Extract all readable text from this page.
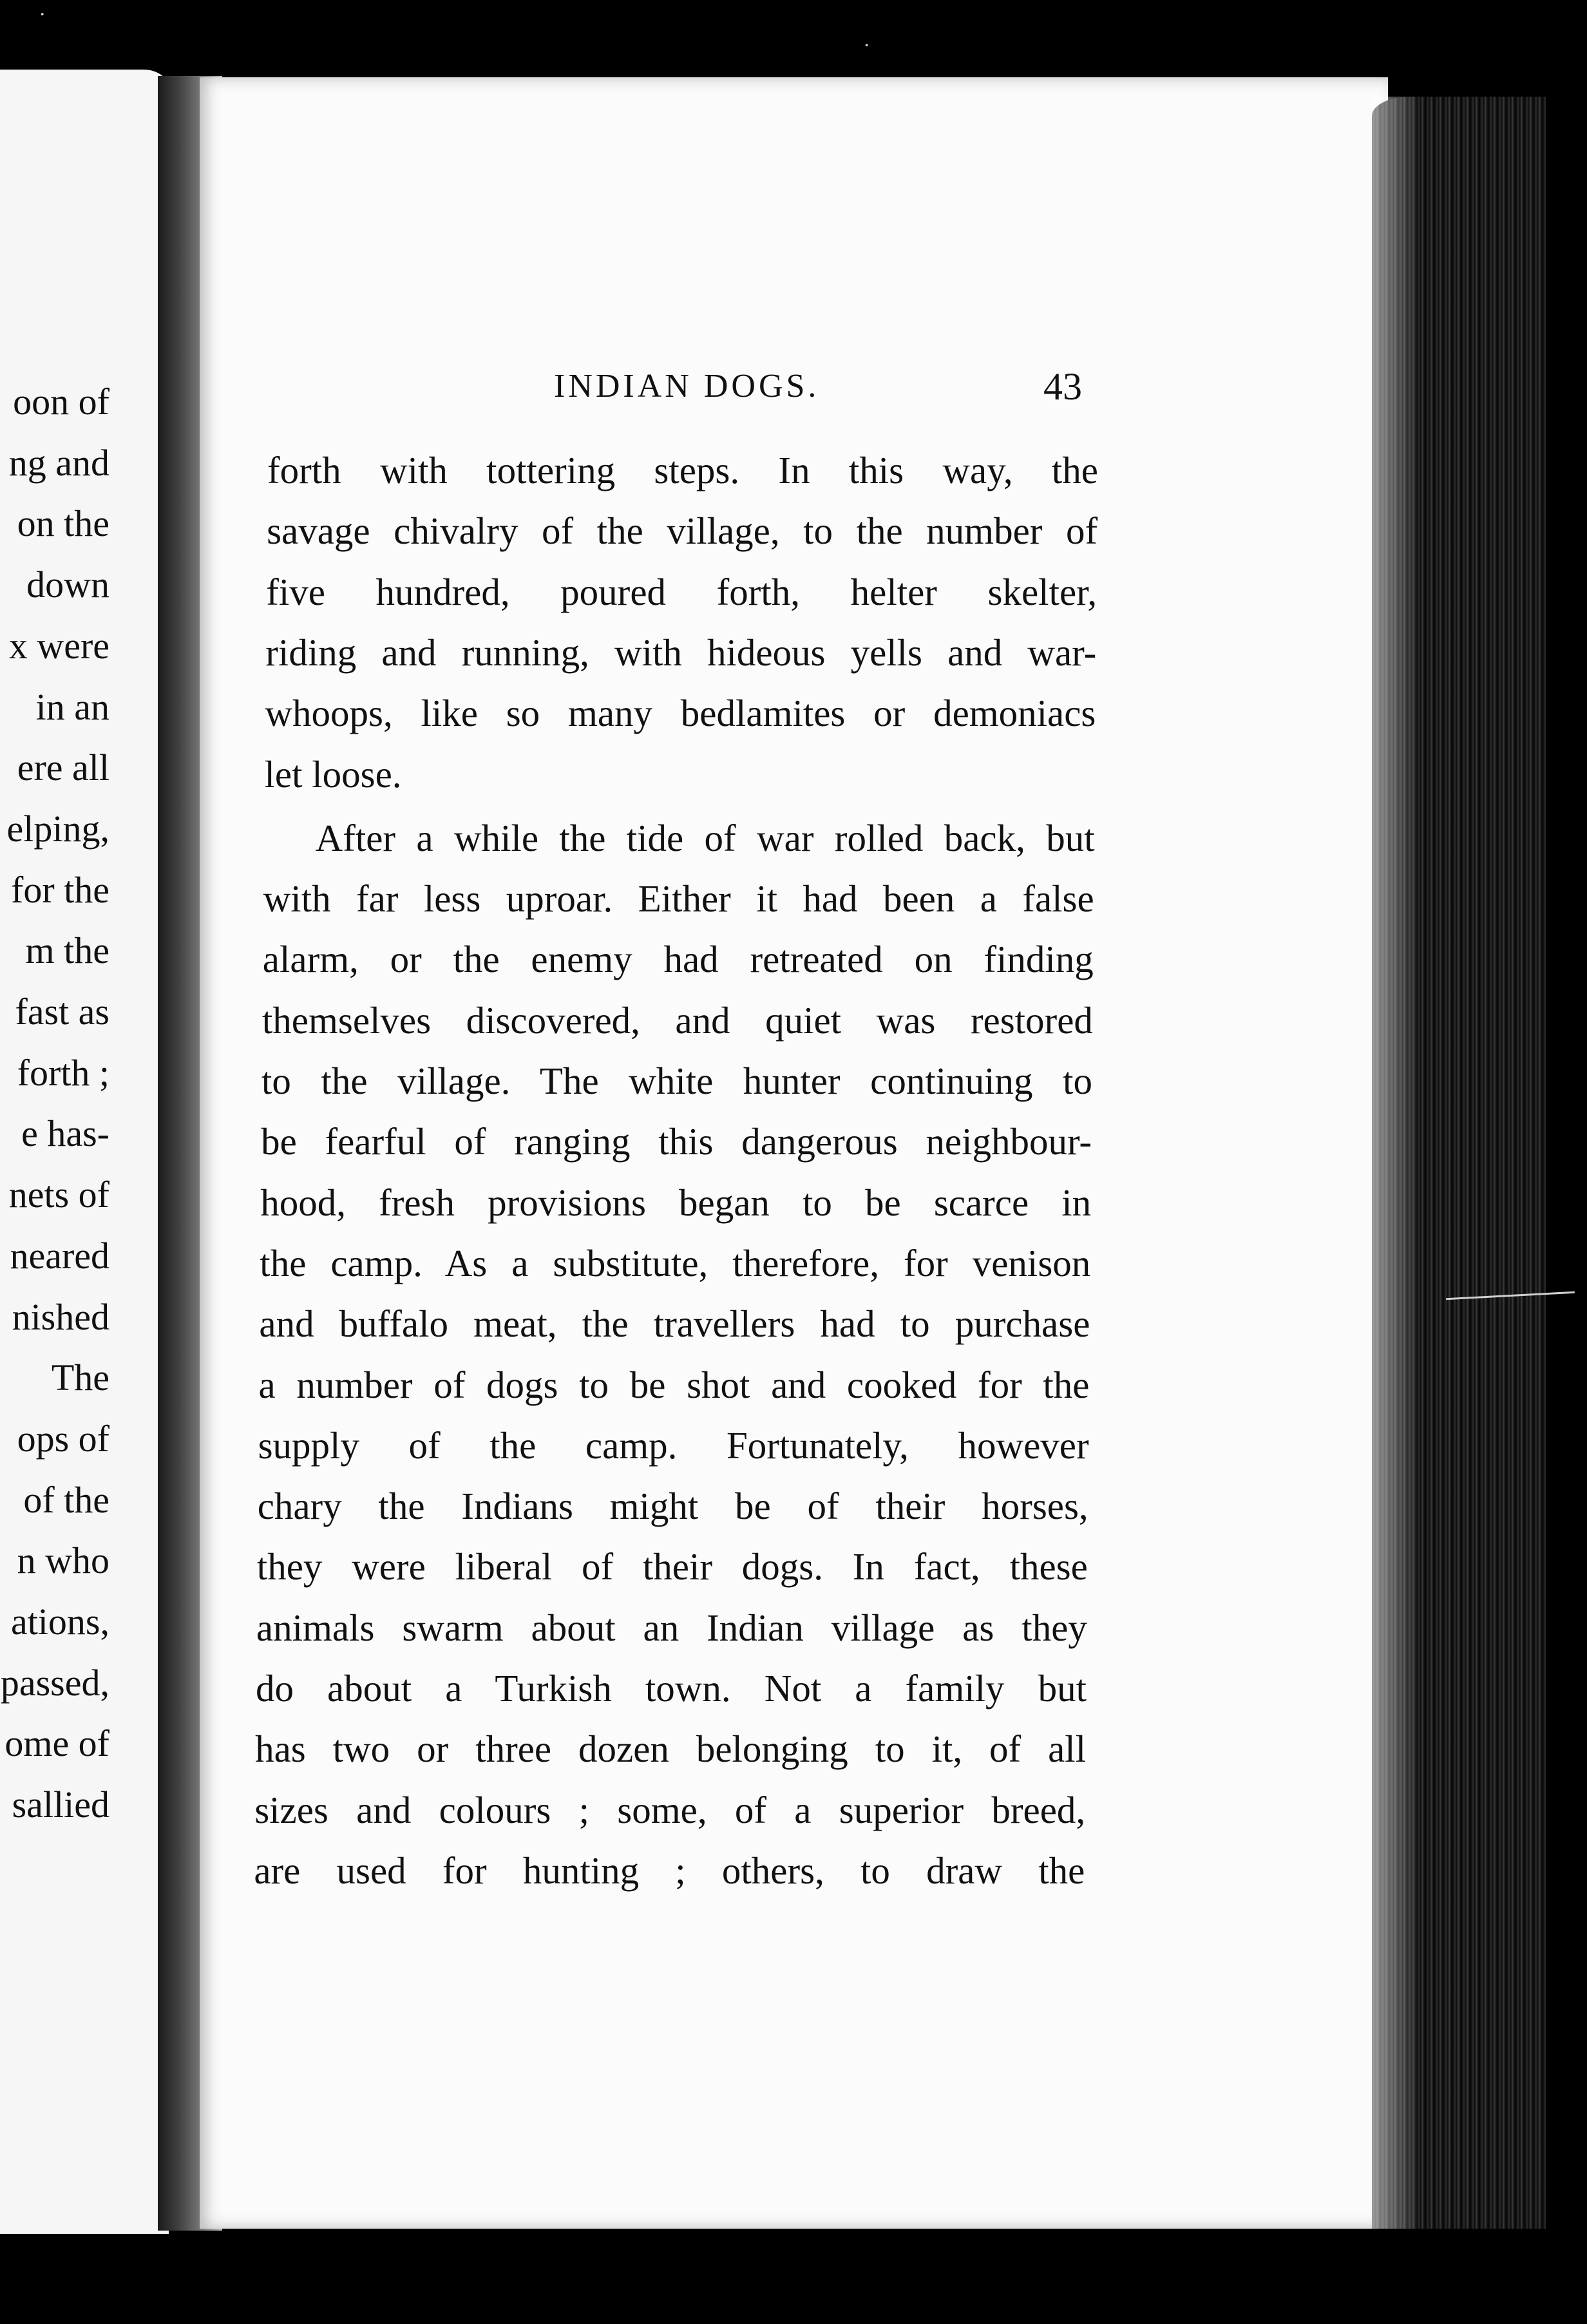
·
·
oon of
ng and
on the
down
x were
in an
ere all
elping,
for the
m the
fast as
forth ;
e has-
nets of
neared
nished
The
ops of
of the
n who
ations,
passed,
ome of
sallied
INDIAN DOGS.	43
forth with tottering steps. In this way, the
savage chivalry of the village, to the number of
five hundred, poured forth, helter skelter,
riding and running, with hideous yells and war-
whoops, like so many bedlamites or demoniacs
let loose.
After a while the tide of war rolled back, but
with far less uproar. Either it had been a false
alarm, or the enemy had retreated on finding
themselves discovered, and quiet was restored
to the village. The white hunter continuing to
be fearful of ranging this dangerous neighbour-
hood, fresh provisions began to be scarce in
the camp. As a substitute, therefore, for venison
and buffalo meat, the travellers had to purchase
a number of dogs to be shot and cooked for the
supply of the camp. Fortunately, however
chary the Indians might be of their horses,
they were liberal of their dogs. In fact, these
animals swarm about an Indian village as they
do about a Turkish town. Not a family but
has two or three dozen belonging to it, of all
sizes and colours ; some, of a superior breed,
are used for hunting ; others, to draw the
